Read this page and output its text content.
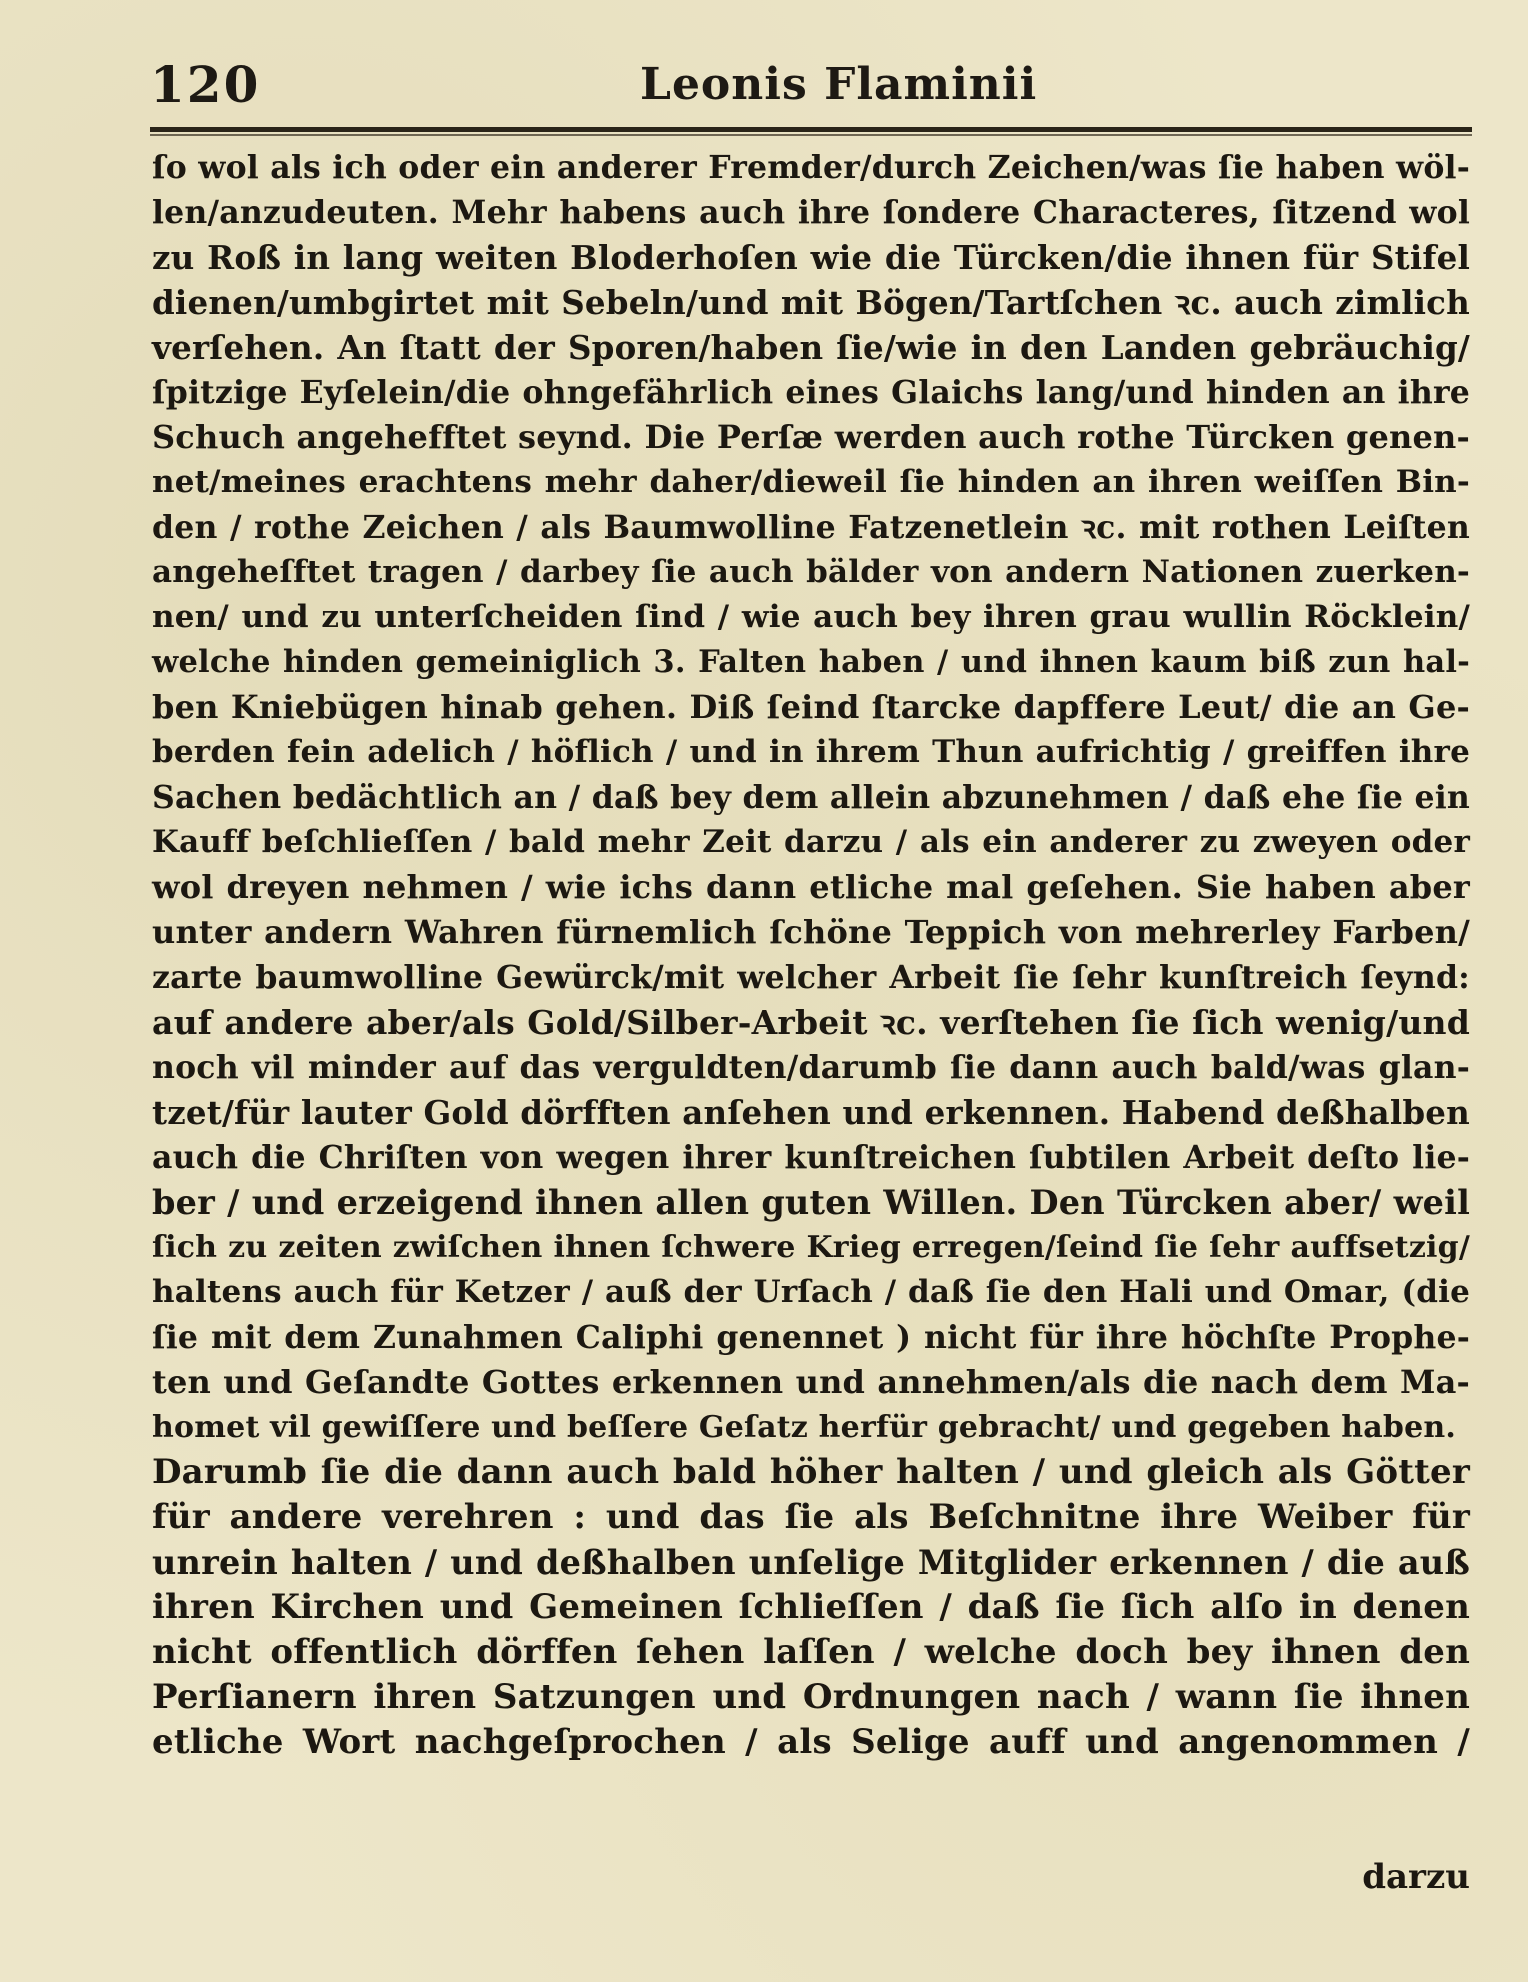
120	Leonis Flaminii
ſo wol als ich oder ein anderer Fremder/durch Zeichen/was ſie haben wöl-
len/anzudeuten. Mehr habens auch ihre ſondere Characteres, ſitzend wol
zu Roß in lang weiten Bloderhoſen wie die Türcken/die ihnen für Stifel
dienen/umbgirtet mit Sebeln/und mit Bögen/Tartſchen ꝛc. auch zimlich
verſehen. An ſtatt der Sporen/haben ſie/wie in den Landen gebräuchig/
ſpitzige Eyſelein/die ohngefährlich eines Glaichs lang/und hinden an ihre
Schuch angehefftet seynd. Die Perſæ werden auch rothe Türcken genen-
net/meines erachtens mehr daher/dieweil ſie hinden an ihren weiſſen Bin-
den / rothe Zeichen / als Baumwolline Fatzenetlein ꝛc. mit rothen Leiſten
angeheſftet tragen / darbey ſie auch bälder von andern Nationen zuerken-
nen/ und zu unterſcheiden ſind / wie auch bey ihren grau wullin Röcklein/
welche hinden gemeiniglich 3. Falten haben / und ihnen kaum biß zun hal-
ben Kniebügen hinab gehen. Diß ſeind ſtarcke dapffere Leut/ die an Ge-
berden fein adelich / höflich / und in ihrem Thun aufrichtig / greiffen ihre
Sachen bedächtlich an / daß bey dem allein abzunehmen / daß ehe ſie ein
Kauff beſchlieſſen / bald mehr Zeit darzu / als ein anderer zu zweyen oder
wol dreyen nehmen / wie ichs dann etliche mal geſehen. Sie haben aber
unter andern Wahren fürnemlich ſchöne Teppich von mehrerley Farben/
zarte baumwolline Gewürck/mit welcher Arbeit ſie ſehr kunſtreich ſeynd:
auf andere aber/als Gold/Silber-Arbeit ꝛc. verſtehen ſie ſich wenig/und
noch vil minder auf das verguldten/darumb ſie dann auch bald/was glan-
tzet/für lauter Gold dörfften anſehen und erkennen. Habend deßhalben
auch die Chriſten von wegen ihrer kunſtreichen ſubtilen Arbeit deſto lie-
ber / und erzeigend ihnen allen guten Willen. Den Türcken aber/ weil
ſich zu zeiten zwiſchen ihnen ſchwere Krieg erregen/ſeind ſie ſehr auffsetzig/
haltens auch für Ketzer / auß der Urſach / daß ſie den Hali und Omar, (die
ſie mit dem Zunahmen Caliphi genennet ) nicht für ihre höchſte Prophe-
ten und Geſandte Gottes erkennen und annehmen/als die nach dem Ma-
homet vil gewiſſere und beſſere Geſatz herfür gebracht/ und gegeben haben.
Darumb ſie die dann auch bald höher halten / und gleich als Götter
für andere verehren : und das ſie als Beſchnitne ihre Weiber für
unrein halten / und deßhalben unſelige Mitglider erkennen / die auß
ihren Kirchen und Gemeinen ſchlieſſen / daß ſie ſich alſo in denen
nicht offentlich dörffen ſehen laſſen / welche doch bey ihnen den
Perſianern ihren Satzungen und Ordnungen nach / wann ſie ihnen
etliche Wort nachgeſprochen / als Selige auff und angenommen /
darzu
